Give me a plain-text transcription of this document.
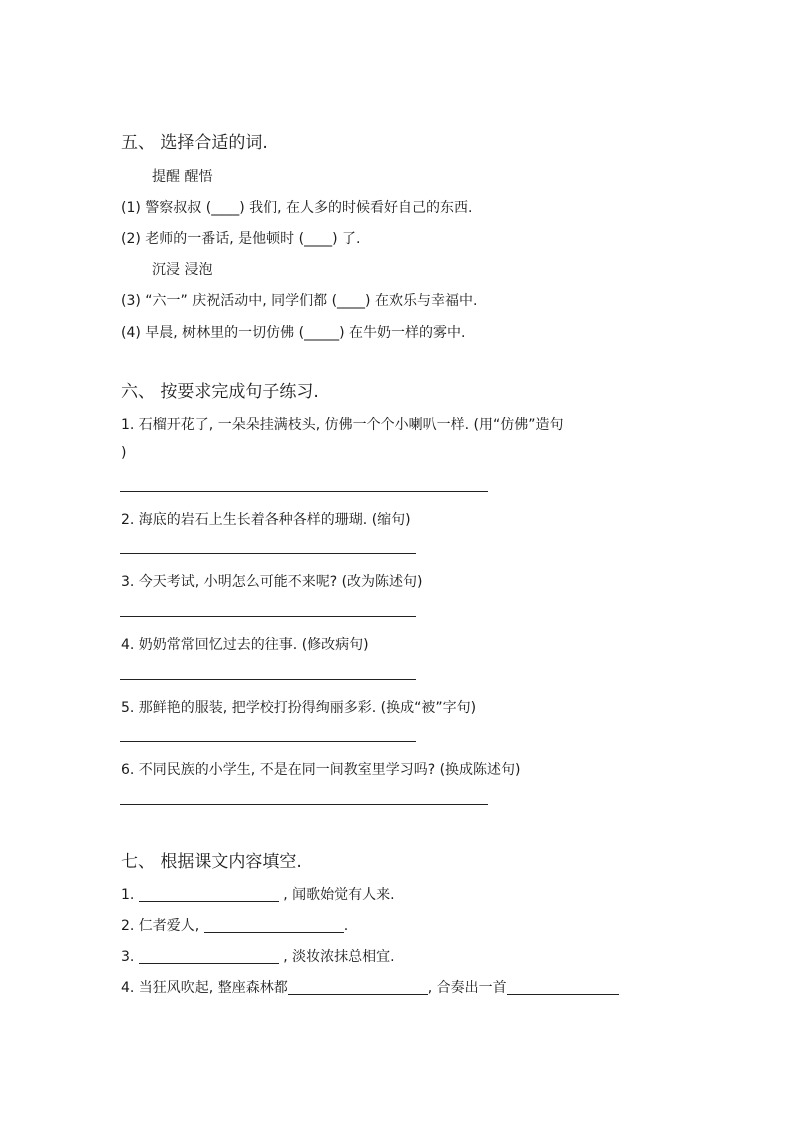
五、 选择合适的词.
提醒 醒悟
(1) 警察叔叔 (____) 我们, 在人多的时候看好自己的东西.
(2) 老师的一番话, 是他顿时 (____) 了.
沉浸 浸泡
(3) “六一” 庆祝活动中, 同学们都 (____) 在欢乐与幸福中.
(4) 早晨, 树林里的一切仿佛 (_____) 在牛奶一样的雾中.
六、 按要求完成句子练习.
1. 石榴开花了, 一朵朵挂满枝头, 仿佛一个个小喇叭一样. (用“仿佛”造句
)
2. 海底的岩石上生长着各种各样的珊瑚. (缩句)
3. 今天考试, 小明怎么可能不来呢? (改为陈述句)
4. 奶奶常常回忆过去的往事. (修改病句)
5. 那鲜艳的服装, 把学校打扮得绚丽多彩. (换成“被”字句)
6. 不同民族的小学生, 不是在同一间教室里学习吗? (换成陈述句)
七、 根据课文内容填空.
1.	, 闻歌始觉有人来.
2. 仁者爱人,	.
3.	, 淡妆浓抹总相宜.
4. 当狂风吹起, 整座森林都	, 合奏出一首
